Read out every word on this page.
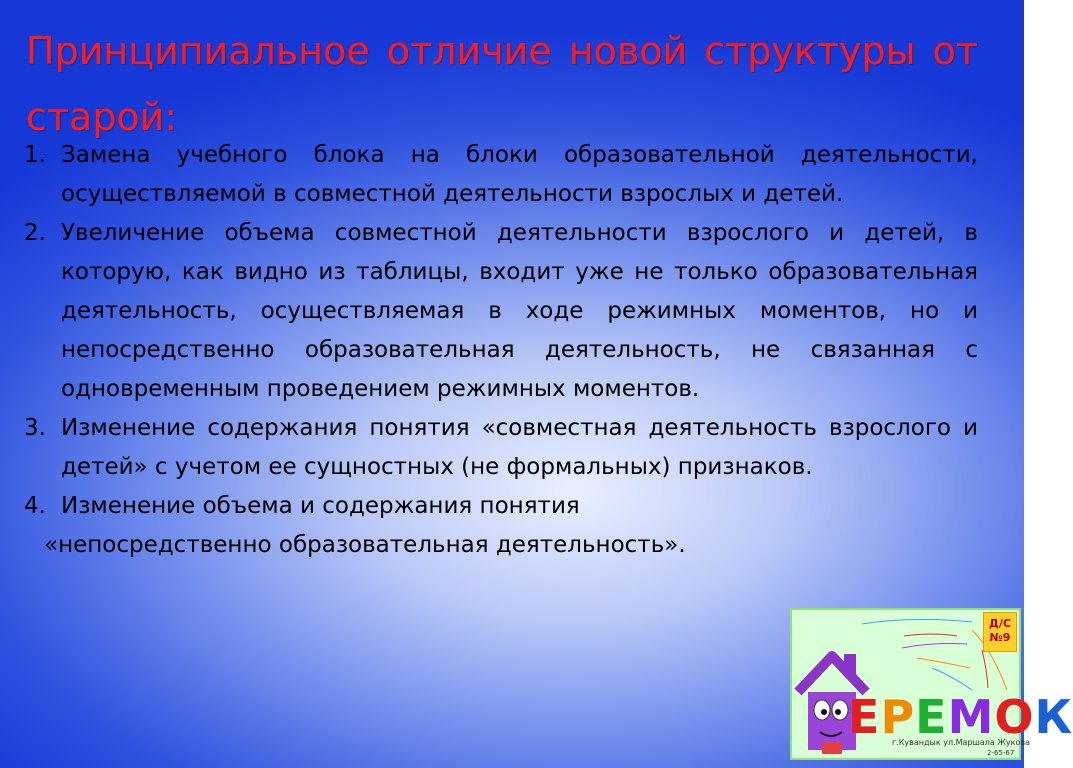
Принципиальное отличие новой структуры от старой:
1. Замена учебного блока на блоки образовательной деятельности, осуществляемой в совместной деятельности взрослых и детей.
2. Увеличение объема совместной деятельности взрослого и детей, в которую, как видно из таблицы, входит уже не только образовательная деятельность, осуществляемая в ходе режимных моментов, но и непосредственно образовательная деятельность, не связанная с одновременным проведением режимных моментов.
3. Изменение содержания понятия «совместная деятельность взрослого и детей» с учетом ее сущностных (не формальных) признаков.
4. Изменение объема и содержания понятия
«непосредственно образовательная деятельность».
Д/С
№9
ЕРЕМОК
г.Кувандык ул.Маршала Жукова
2-65-67
